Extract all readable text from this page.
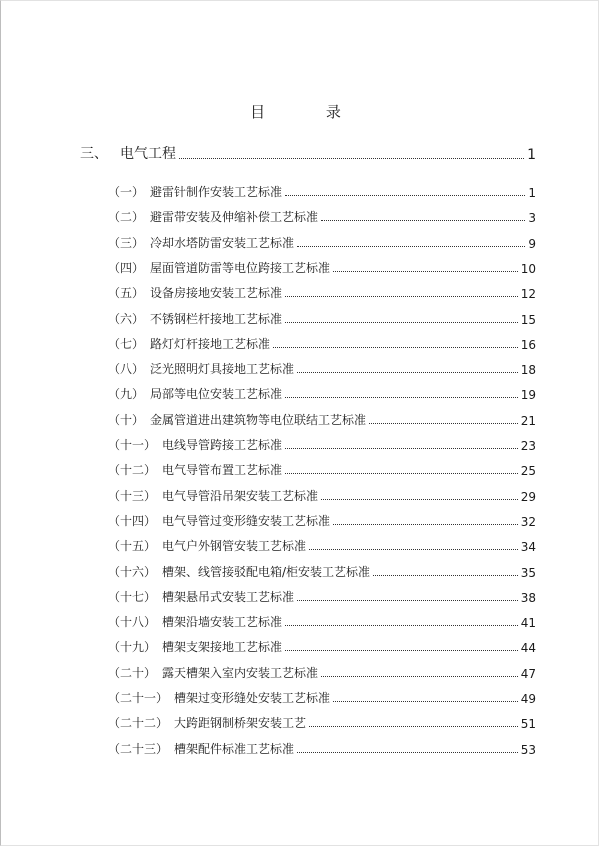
目 录
三、 电气工程	1
（一） 避雷针制作安装工艺标准	1
（二） 避雷带安装及伸缩补偿工艺标准	3
（三） 冷却水塔防雷安装工艺标准	9
（四） 屋面管道防雷等电位跨接工艺标准	10
（五） 设备房接地安装工艺标准	12
（六） 不锈钢栏杆接地工艺标准	15
（七） 路灯灯杆接地工艺标准	16
（八） 泛光照明灯具接地工艺标准	18
（九） 局部等电位安装工艺标准	19
（十） 金属管道进出建筑物等电位联结工艺标准	21
（十一） 电线导管跨接工艺标准	23
（十二） 电气导管布置工艺标准	25
（十三） 电气导管沿吊架安装工艺标准	29
（十四） 电气导管过变形缝安装工艺标准	32
（十五） 电气户外钢管安装工艺标准	34
（十六） 槽架、线管接驳配电箱/柜安装工艺标准	35
（十七） 槽架悬吊式安装工艺标准	38
（十八） 槽架沿墙安装工艺标准	41
（十九） 槽架支架接地工艺标准	44
（二十） 露天槽架入室内安装工艺标准	47
（二十一） 槽架过变形缝处安装工艺标准	49
（二十二） 大跨距钢制桥架安装工艺	51
（二十三） 槽架配件标准工艺标准	53
